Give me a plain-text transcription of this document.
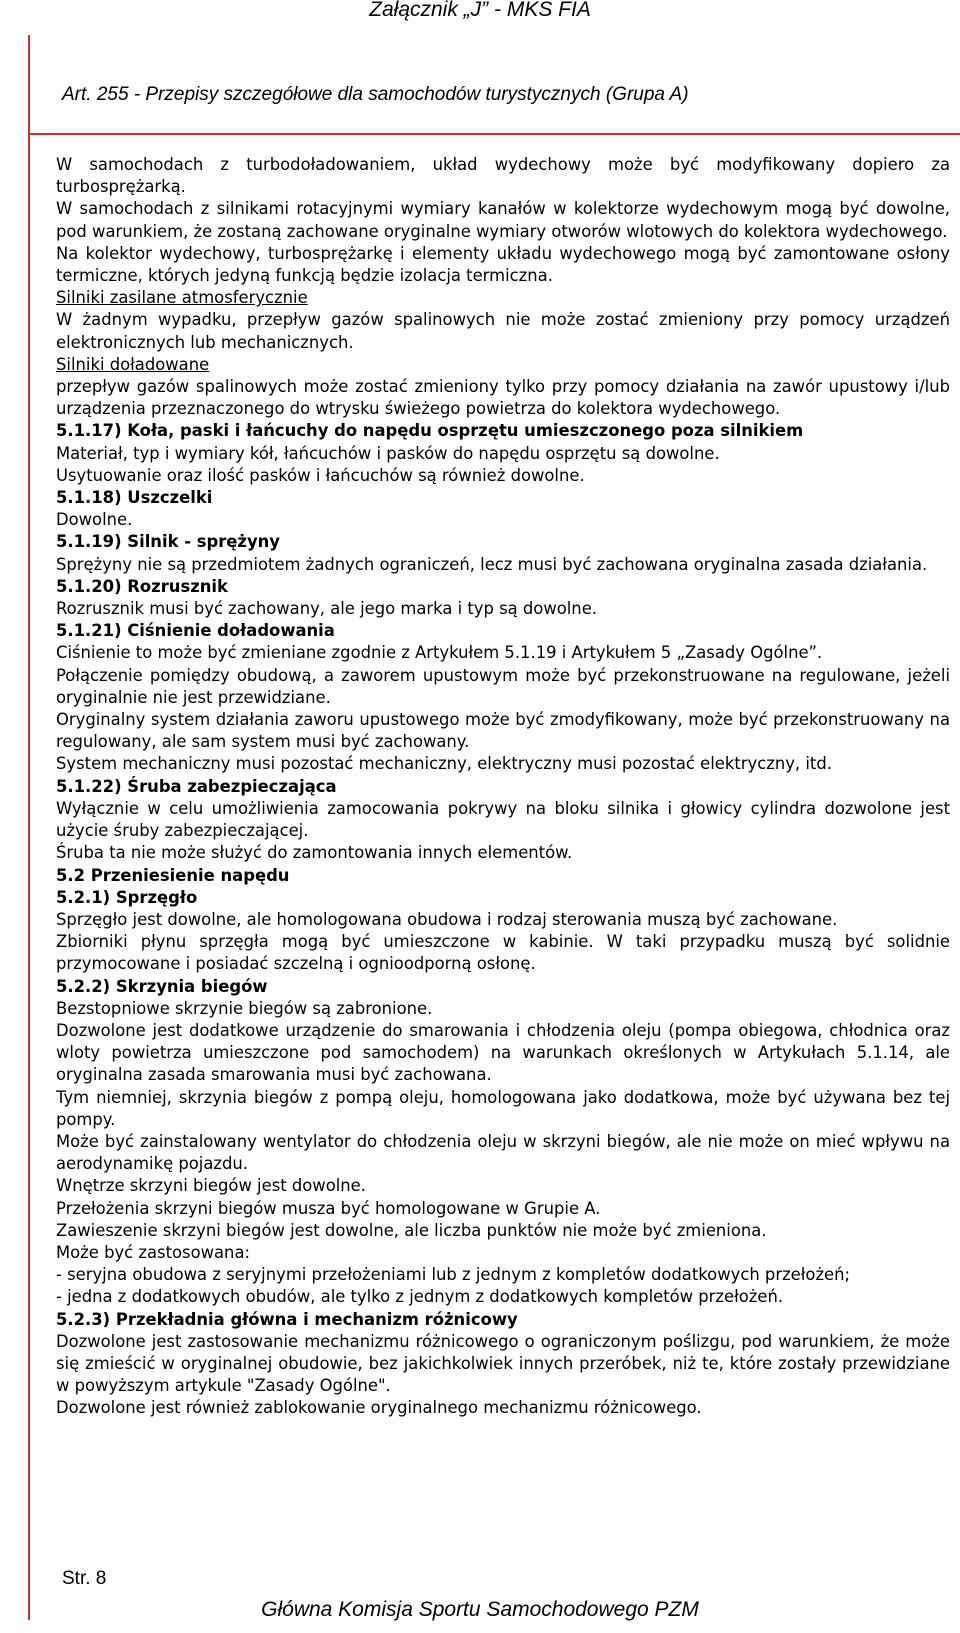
Załącznik „J” - MKS FIA
Art. 255 - Przepisy szczegółowe dla samochodów turystycznych (Grupa A)

W samochodach z turbodoładowaniem, układ wydechowy może być modyfikowany dopiero za turbosprężarką.

W samochodach z silnikami rotacyjnymi wymiary kanałów w kolektorze wydechowym mogą być dowolne, pod warunkiem, że zostaną zachowane oryginalne wymiary otworów wlotowych do kolektora wydechowego.

Na kolektor wydechowy, turbosprężarkę i elementy układu wydechowego mogą być zamontowane osłony termiczne, których jedyną funkcją będzie izolacja termiczna.

Silniki zasilane atmosferycznie

W żadnym wypadku, przepływ gazów spalinowych nie może zostać zmieniony przy pomocy urządzeń elektronicznych lub mechanicznych.

Silniki doładowane

przepływ gazów spalinowych może zostać zmieniony tylko przy pomocy działania na zawór upustowy i/lub urządzenia przeznaczonego do wtrysku świeżego powietrza do kolektora wydechowego.

5.1.17) Koła, paski i łańcuchy do napędu osprzętu umieszczonego poza silnikiem

Materiał, typ i wymiary kół, łańcuchów i pasków do napędu osprzętu są dowolne.

Usytuowanie oraz ilość pasków i łańcuchów są również dowolne.

5.1.18) Uszczelki

Dowolne.

5.1.19) Silnik - sprężyny

Sprężyny nie są przedmiotem żadnych ograniczeń, lecz musi być zachowana oryginalna zasada działania.

5.1.20) Rozrusznik

Rozrusznik musi być zachowany, ale jego marka i typ są dowolne.

5.1.21) Ciśnienie doładowania

Ciśnienie to może być zmieniane zgodnie z Artykułem 5.1.19 i Artykułem 5 „Zasady Ogólne”.

Połączenie pomiędzy obudową, a zaworem upustowym może być przekonstruowane na regulowane, jeżeli oryginalnie nie jest przewidziane.

Oryginalny system działania zaworu upustowego może być zmodyfikowany, może być przekonstruowany na regulowany, ale sam system musi być zachowany.

System mechaniczny musi pozostać mechaniczny, elektryczny musi pozostać elektryczny, itd.

5.1.22) Śruba zabezpieczająca

Wyłącznie w celu umożliwienia zamocowania pokrywy na bloku silnika i głowicy cylindra dozwolone jest użycie śruby zabezpieczającej.

Śruba ta nie może służyć do zamontowania innych elementów.

5.2 Przeniesienie napędu

5.2.1) Sprzęgło

Sprzęgło jest dowolne, ale homologowana obudowa i rodzaj sterowania muszą być zachowane.

Zbiorniki płynu sprzęgła mogą być umieszczone w kabinie. W taki przypadku muszą być solidnie przymocowane i posiadać szczelną i ognioodporną osłonę.

5.2.2) Skrzynia biegów

Bezstopniowe skrzynie biegów są zabronione.

Dozwolone jest dodatkowe urządzenie do smarowania i chłodzenia oleju (pompa obiegowa, chłodnica oraz wloty powietrza umieszczone pod samochodem) na warunkach określonych w Artykułach 5.1.14, ale oryginalna zasada smarowania musi być zachowana.

Tym niemniej, skrzynia biegów z pompą oleju, homologowana jako dodatkowa, może być używana bez tej pompy.

Może być zainstalowany wentylator do chłodzenia oleju w skrzyni biegów, ale nie może on mieć wpływu na aerodynamikę pojazdu.

Wnętrze skrzyni biegów jest dowolne.

Przełożenia skrzyni biegów musza być homologowane w Grupie A.

Zawieszenie skrzyni biegów jest dowolne, ale liczba punktów nie może być zmieniona.

Może być zastosowana:

- seryjna obudowa z seryjnymi przełożeniami lub z jednym z kompletów dodatkowych przełożeń;

- jedna z dodatkowych obudów, ale tylko z jednym z dodatkowych kompletów przełożeń.

5.2.3) Przekładnia główna i mechanizm różnicowy

Dozwolone jest zastosowanie mechanizmu różnicowego o ograniczonym poślizgu, pod warunkiem, że może się zmieścić w oryginalnej obudowie, bez jakichkolwiek innych przeróbek, niż te, które zostały przewidziane w powyższym artykule "Zasady Ogólne".

Dozwolone jest również zablokowanie oryginalnego mechanizmu różnicowego.

Str. 8
Główna Komisja Sportu Samochodowego PZM
